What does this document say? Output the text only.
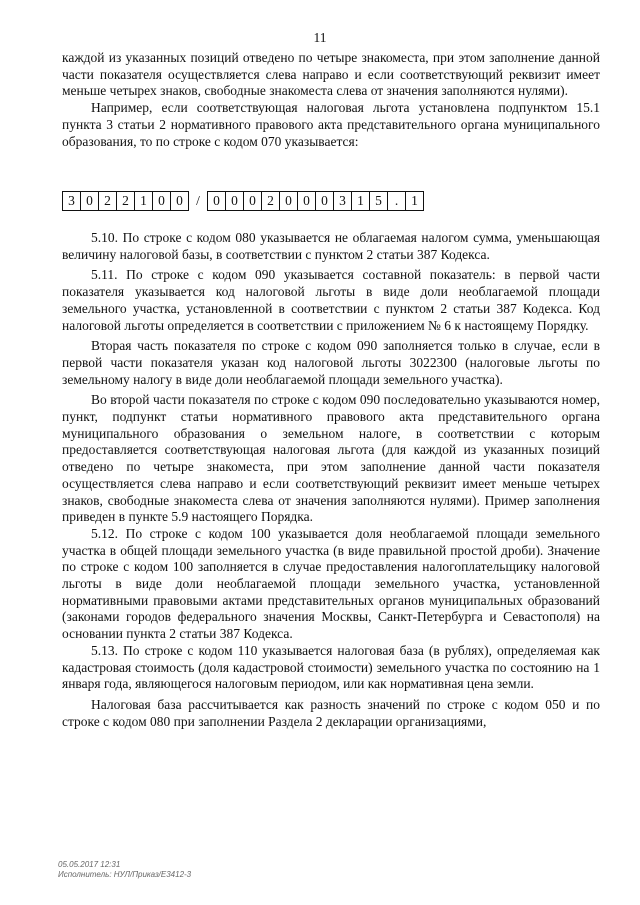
11

каждой из указанных позиций отведено по четыре знакоместа, при этом заполнение данной части показателя осуществляется слева направо и если соответствующий реквизит имеет меньше четырех знаков, свободные знакоместа слева от значения заполняются нулями).

Например, если соответствующая налоговая льгота установлена подпунктом 15.1 пункта 3 статьи 2 нормативного правового акта представительного органа муниципального образования, то по строке с кодом 070 указывается:

3 0 2 2 1 0 0 / 0 0 0 2 0 0 0 3 1 5 . 1

5.10. По строке с кодом 080 указывается не облагаемая налогом сумма, уменьшающая величину налоговой базы, в соответствии с пунктом 2 статьи 387 Кодекса.

5.11. По строке с кодом 090 указывается составной показатель: в первой части показателя указывается код налоговой льготы в виде доли необлагаемой площади земельного участка, установленной в соответствии с пунктом 2 статьи 387 Кодекса. Код налоговой льготы определяется в соответствии с приложением № 6 к настоящему Порядку.

Вторая часть показателя по строке с кодом 090 заполняется только в случае, если в первой части показателя указан код налоговой льготы 3022300 (налоговые льготы по земельному налогу в виде доли необлагаемой площади земельного участка).

Во второй части показателя по строке с кодом 090 последовательно указываются номер, пункт, подпункт статьи нормативного правового акта представительного органа муниципального образования о земельном налоге, в соответствии с которым предоставляется соответствующая налоговая льгота (для каждой из указанных позиций отведено по четыре знакоместа, при этом заполнение данной части показателя осуществляется слева направо и если соответствующий реквизит имеет меньше четырех знаков, свободные знакоместа слева от значения заполняются нулями). Пример заполнения приведен в пункте 5.9 настоящего Порядка.

5.12. По строке с кодом 100 указывается доля необлагаемой площади земельного участка в общей площади земельного участка (в виде правильной простой дроби). Значение по строке с кодом 100 заполняется в случае предоставления налогоплательщику налоговой льготы в виде доли необлагаемой площади земельного участка, установленной нормативными правовыми актами представительных органов муниципальных образований (законами городов федерального значения Москвы, Санкт-Петербурга и Севастополя) на основании пункта 2 статьи 387 Кодекса.

5.13. По строке с кодом 110 указывается налоговая база (в рублях), определяемая как кадастровая стоимость (доля кадастровой стоимости) земельного участка по состоянию на 1 января года, являющегося налоговым периодом, или как нормативная цена земли.

Налоговая база рассчитывается как разность значений по строке с кодом 050 и по строке с кодом 080 при заполнении Раздела 2 декларации организациями,

05.05.2017 12:31
Исполнитель: НУЛ/Приказ/Е3412-3
